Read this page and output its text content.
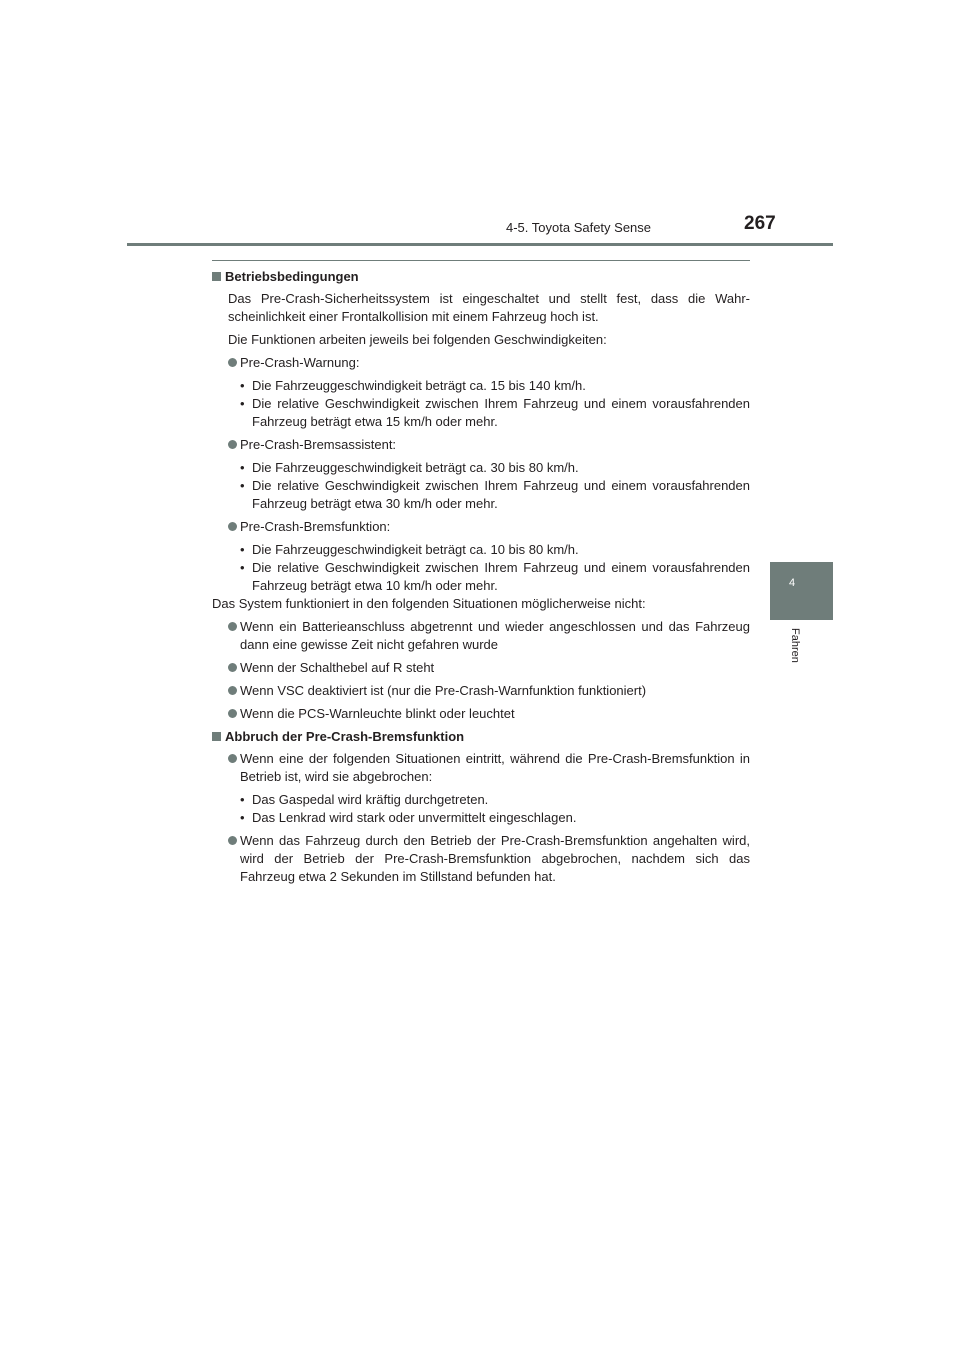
4-5. Toyota Safety Sense	267
4
Fahren
Betriebsbedingungen

Das Pre-Crash-Sicherheitssystem ist eingeschaltet und stellt fest, dass die Wahrscheinlichkeit einer Frontalkollision mit einem Fahrzeug hoch ist.

Die Funktionen arbeiten jeweils bei folgenden Geschwindigkeiten:

Pre-Crash-Warnung:
• Die Fahrzeuggeschwindigkeit beträgt ca. 15 bis 140 km/h.
• Die relative Geschwindigkeit zwischen Ihrem Fahrzeug und einem vorausfahrenden Fahrzeug beträgt etwa 15 km/h oder mehr.
Pre-Crash-Bremsassistent:
• Die Fahrzeuggeschwindigkeit beträgt ca. 30 bis 80 km/h.
• Die relative Geschwindigkeit zwischen Ihrem Fahrzeug und einem vorausfahrenden Fahrzeug beträgt etwa 30 km/h oder mehr.
Pre-Crash-Bremsfunktion:
• Die Fahrzeuggeschwindigkeit beträgt ca. 10 bis 80 km/h.
• Die relative Geschwindigkeit zwischen Ihrem Fahrzeug und einem vorausfahrenden Fahrzeug beträgt etwa 10 km/h oder mehr.

Das System funktioniert in den folgenden Situationen möglicherweise nicht:

Wenn ein Batterieanschluss abgetrennt und wieder angeschlossen und das Fahrzeug dann eine gewisse Zeit nicht gefahren wurde
Wenn der Schalthebel auf R steht
Wenn VSC deaktiviert ist (nur die Pre-Crash-Warnfunktion funktioniert)
Wenn die PCS-Warnleuchte blinkt oder leuchtet
Abbruch der Pre-Crash-Bremsfunktion
Wenn eine der folgenden Situationen eintritt, während die Pre-Crash-Bremsfunktion in Betrieb ist, wird sie abgebrochen:
• Das Gaspedal wird kräftig durchgetreten.
• Das Lenkrad wird stark oder unvermittelt eingeschlagen.
Wenn das Fahrzeug durch den Betrieb der Pre-Crash-Bremsfunktion angehalten wird, wird der Betrieb der Pre-Crash-Bremsfunktion abgebrochen, nachdem sich das Fahrzeug etwa 2 Sekunden im Stillstand befunden hat.
